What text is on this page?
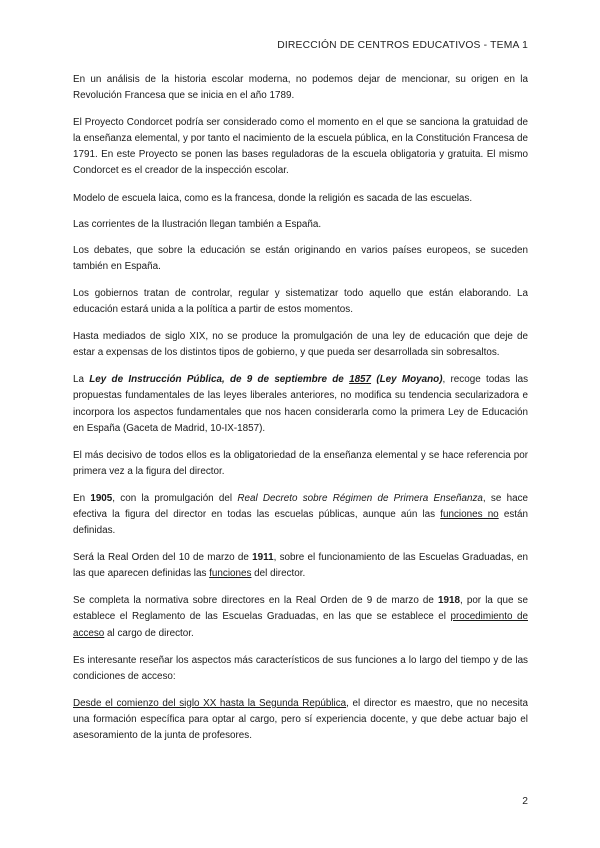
DIRECCIÓN DE CENTROS EDUCATIVOS - TEMA 1

En un análisis de la historia escolar moderna, no podemos dejar de mencionar, su origen en la Revolución Francesa que se inicia en el año 1789.

El Proyecto Condorcet podría ser considerado como el momento en el que se sanciona la gratuidad de la enseñanza elemental, y por tanto el nacimiento de la escuela pública, en la Constitución Francesa de 1791. En este Proyecto se ponen las bases reguladoras de la escuela obligatoria y gratuita. El mismo Condorcet es el creador de la inspección escolar.

Modelo de escuela laica, como es la francesa, donde la religión es sacada de las escuelas.

Las corrientes de la Ilustración llegan también a España.

Los debates, que sobre la educación se están originando en varios países europeos, se suceden también en España.

Los gobiernos tratan de controlar, regular y sistematizar todo aquello que están elaborando. La educación estará unida a la política a partir de estos momentos.

Hasta mediados de siglo XIX, no se produce la promulgación de una ley de educación que deje de estar a expensas de los distintos tipos de gobierno, y que pueda ser desarrollada sin sobresaltos.

La Ley de Instrucción Pública, de 9 de septiembre de 1857 (Ley Moyano), recoge todas las propuestas fundamentales de las leyes liberales anteriores, no modifica su tendencia secularizadora e incorpora los aspectos fundamentales que nos hacen considerarla como la primera Ley de Educación en España (Gaceta de Madrid, 10-IX-1857).

El más decisivo de todos ellos es la obligatoriedad de la enseñanza elemental y se hace referencia por primera vez a la figura del director.

En 1905, con la promulgación del Real Decreto sobre Régimen de Primera Enseñanza, se hace efectiva la figura del director en todas las escuelas públicas, aunque aún las funciones no están definidas.

Será la Real Orden del 10 de marzo de 1911, sobre el funcionamiento de las Escuelas Graduadas, en las que aparecen definidas las funciones del director.

Se completa la normativa sobre directores en la Real Orden de 9 de marzo de 1918, por la que se establece el Reglamento de las Escuelas Graduadas, en las que se establece el procedimiento de acceso al cargo de director.

Es interesante reseñar los aspectos más característicos de sus funciones a lo largo del tiempo y de las condiciones de acceso:

Desde el comienzo del siglo XX hasta la Segunda República, el director es maestro, que no necesita una formación específica para optar al cargo, pero sí experiencia docente, y que debe actuar bajo el asesoramiento de la junta de profesores.

2
